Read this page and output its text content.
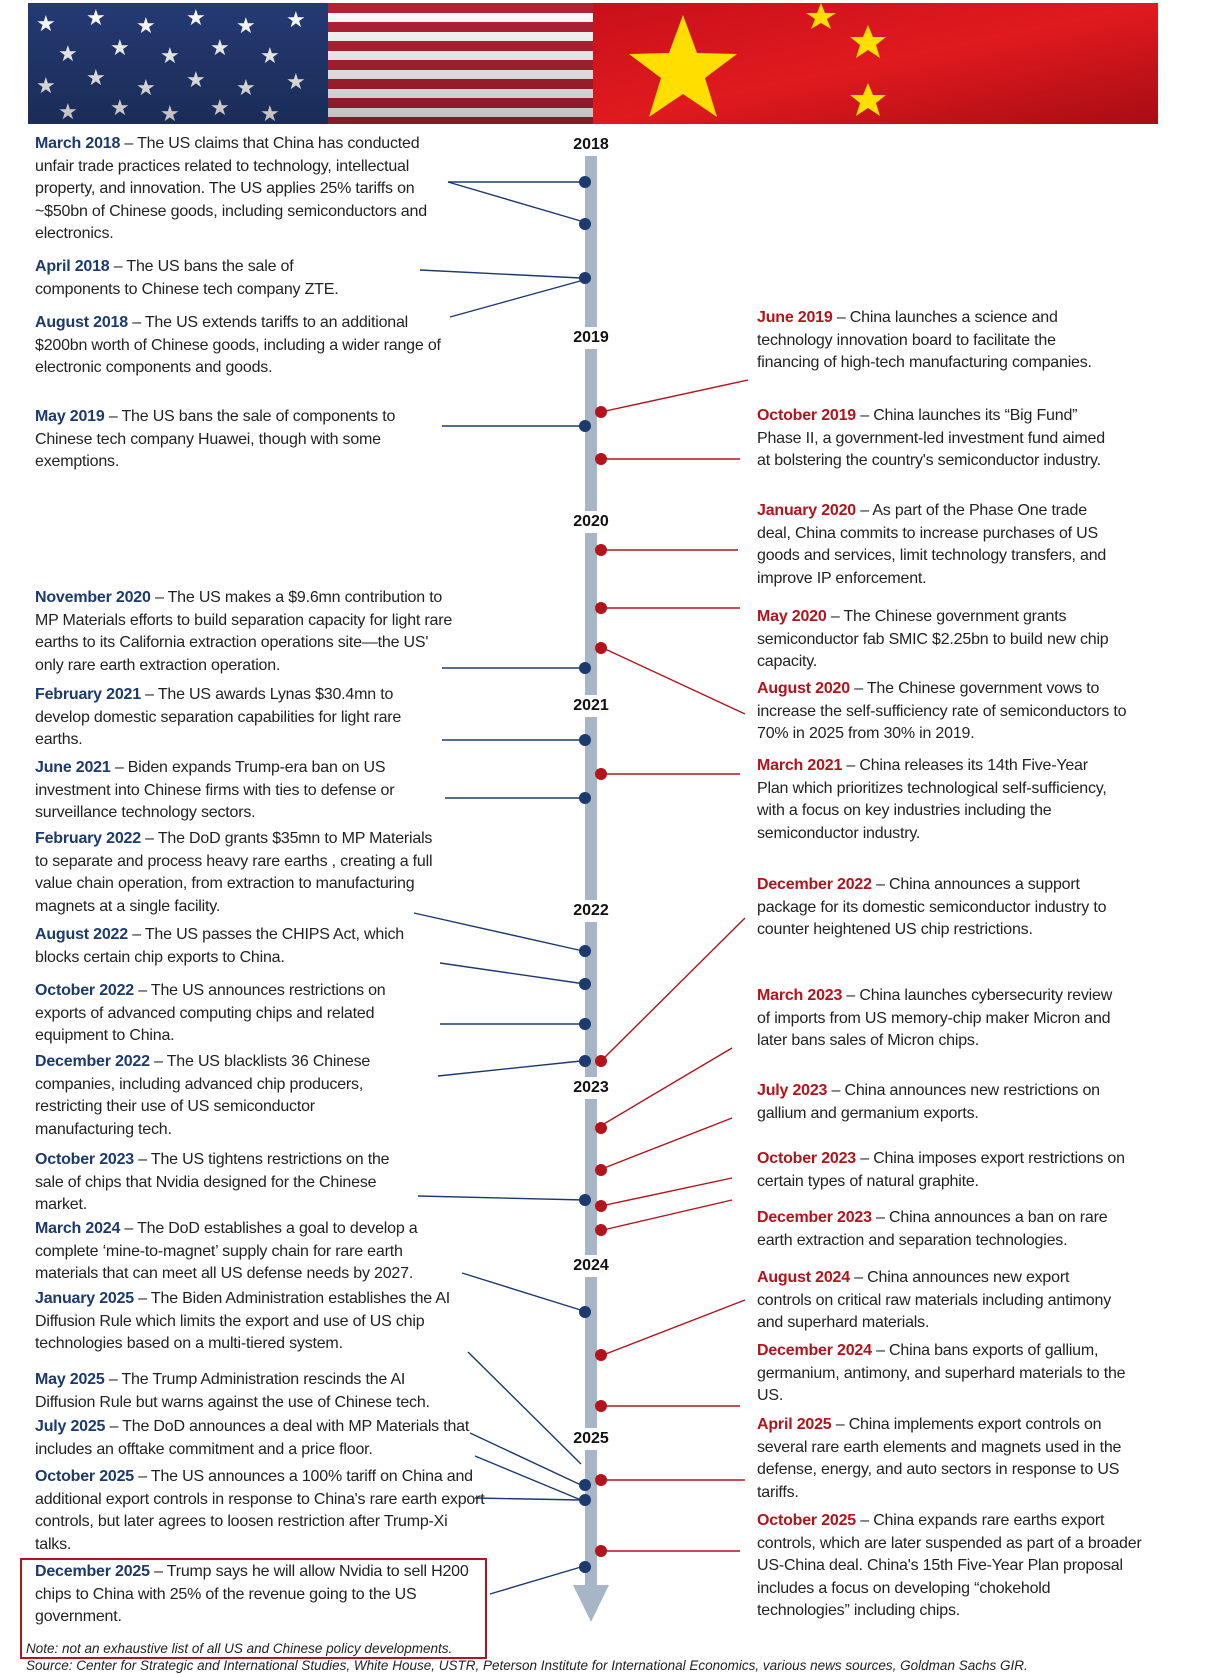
2018
2019
2020
2021
2022
2023
2024
2025
March 2018 – The US claims that China has conducted unfair trade practices related to technology, intellectual property, and innovation. The US applies 25% tariffs on ~$50bn of Chinese goods, including semiconductors and electronics.
April 2018 – The US bans the sale of components to Chinese tech company ZTE.
August 2018 – The US extends tariffs to an additional $200bn worth of Chinese goods, including a wider range of electronic components and goods.
May 2019 – The US bans the sale of components to Chinese tech company Huawei, though with some exemptions.
November 2020 – The US makes a $9.6mn contribution to MP Materials efforts to build separation capacity for light rare earths to its California extraction operations site—the US' only rare earth extraction operation.
February 2021 – The US awards Lynas $30.4mn to develop domestic separation capabilities for light rare earths.
June 2021 – Biden expands Trump-era ban on US investment into Chinese firms with ties to defense or surveillance technology sectors.
February 2022 – The DoD grants $35mn to MP Materials to separate and process heavy rare earths , creating a full value chain operation, from extraction to manufacturing magnets at a single facility.
August 2022 – The US passes the CHIPS Act, which blocks certain chip exports to China.
October 2022 – The US announces restrictions on exports of advanced computing chips and related equipment to China.
December 2022 – The US blacklists 36 Chinese companies, including advanced chip producers, restricting their use of US semiconductor manufacturing tech.
October 2023 – The US tightens restrictions on the sale of chips that Nvidia designed for the Chinese market.
March 2024 – The DoD establishes a goal to develop a complete ‘mine-to-magnet’ supply chain for rare earth materials that can meet all US defense needs by 2027.
January 2025 – The Biden Administration establishes the AI Diffusion Rule which limits the export and use of US chip technologies based on a multi-tiered system.
May 2025 – The Trump Administration rescinds the AI Diffusion Rule but warns against the use of Chinese tech.
July 2025 – The DoD announces a deal with MP Materials that includes an offtake commitment and a price floor.
October 2025 – The US announces a 100% tariff on China and additional export controls in response to China's rare earth export controls, but later agrees to loosen restriction after Trump-Xi talks.
December 2025 – Trump says he will allow Nvidia to sell H200 chips to China with 25% of the revenue going to the US government.
June 2019 – China launches a science and technology innovation board to facilitate the financing of high-tech manufacturing companies.
October 2019 – China launches its “Big Fund” Phase II, a government-led investment fund aimed at bolstering the country's semiconductor industry.
January 2020 – As part of the Phase One trade deal, China commits to increase purchases of US goods and services, limit technology transfers, and improve IP enforcement.
May 2020 – The Chinese government grants semiconductor fab SMIC $2.25bn to build new chip capacity.
August 2020 – The Chinese government vows to increase the self-sufficiency rate of semiconductors to 70% in 2025 from 30% in 2019.
March 2021 – China releases its 14th Five-Year Plan which prioritizes technological self-sufficiency, with a focus on key industries including the semiconductor industry.
December 2022 – China announces a support package for its domestic semiconductor industry to counter heightened US chip restrictions.
March 2023 – China launches cybersecurity review of imports from US memory-chip maker Micron and later bans sales of Micron chips.
July 2023 – China announces new restrictions on gallium and germanium exports.
October 2023 – China imposes export restrictions on certain types of natural graphite.
December 2023 – China announces a ban on rare earth extraction and separation technologies.
August 2024 – China announces new export controls on critical raw materials including antimony and superhard materials.
December 2024 – China bans exports of gallium, germanium, antimony, and superhard materials to the US.
April 2025 – China implements export controls on several rare earth elements and magnets used in the defense, energy, and auto sectors in response to US tariffs.
October 2025 – China expands rare earths export controls, which are later suspended as part of a broader US-China deal. China's 15th Five-Year Plan proposal includes a focus on developing “chokehold technologies” including chips.
Note: not an exhaustive list of all US and Chinese policy developments.
Source: Center for Strategic and International Studies, White House, USTR, Peterson Institute for International Economics, various news sources, Goldman Sachs GIR.
